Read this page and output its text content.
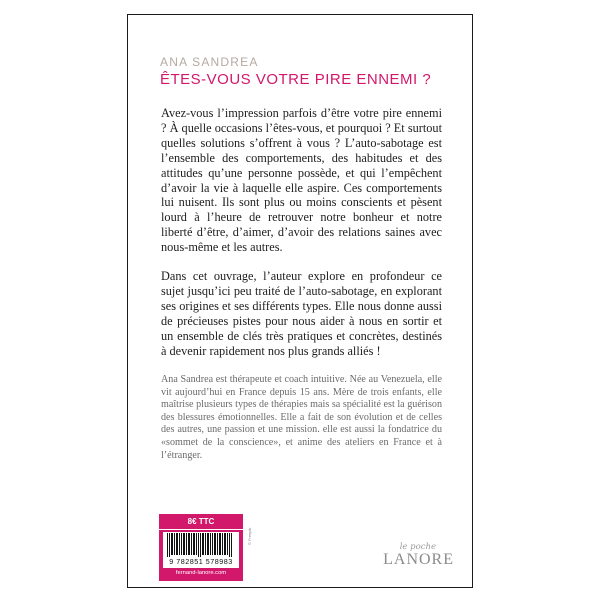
ANA SANDREA
ÊTES-VOUS VOTRE PIRE ENNEMI ?

Avez-vous l’impression parfois d’être votre pire ennemi ? À quelle occasions l’êtes-vous, et pourquoi ? Et surtout quelles solutions s’offrent à vous ? L’auto-sabotage est l’ensemble des comportements, des habitudes et des attitudes qu’une personne possède, et qui l’empêchent d’avoir la vie à laquelle elle aspire. Ces comportements lui nuisent. Ils sont plus ou moins conscients et pèsent lourd à l’heure de retrouver notre bonheur et notre liberté d’être, d’aimer, d’avoir des relations saines avec nous-même et les autres.

Dans cet ouvrage, l’auteur explore en profondeur ce sujet jusqu’ici peu traité de l’auto-sabotage, en explorant ses origines et ses différents types. Elle nous donne aussi de précieuses pistes pour nous aider à nous en sortir et un ensemble de clés très pratiques et concrètes, destinés à devenir rapidement nos plus grands alliés !

Ana Sandrea est thérapeute et coach intuitive. Née au Venezuela, elle vit aujourd’hui en France depuis 15 ans. Mère de trois enfants, elle maîtrise plusieurs types de thérapies mais sa spécialité est la guérison des blessures émotionnelles. Elle a fait de son évolution et de celles des autres, une passion et une mission. elle est aussi la fondatrice du «sommet de la conscience», et anime des ateliers en France et à l’étranger.

8€ TTC
9 782851 578983
fernand-lanore.com
© Freepik
le poche
LANORE
